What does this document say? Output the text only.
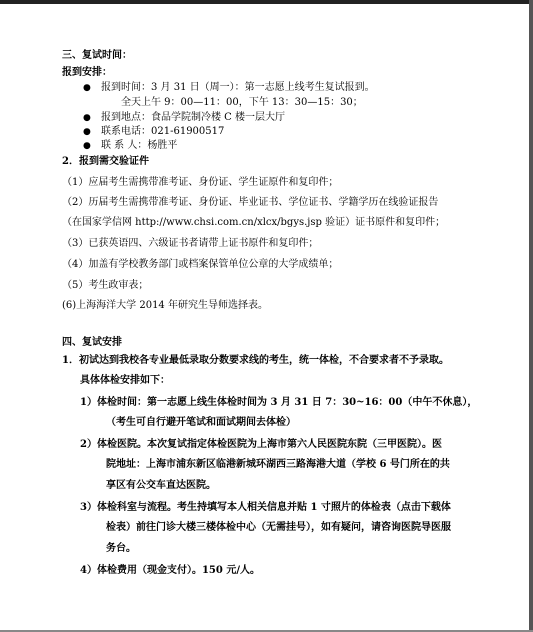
三、复试时间：
报到安排：
● 报到时间：3 月 31 日（周一）：第一志愿上线考生复试报到。
全天上午 9：00—11：00，下午 13：30—15：30；
● 报到地点：食品学院制冷楼 C 楼一层大厅
● 联系电话：021-61900517
● 联 系 人：杨胜平
2．报到需交验证件
（1）应届考生需携带准考证、身份证、学生证原件和复印件；
（2）历届考生需携带准考证、身份证、毕业证书、学位证书、学籍学历在线验证报告
（在国家学信网 http://www.chsi.com.cn/xlcx/bgys.jsp 验证）证书原件和复印件；
（3）已获英语四、六级证书者请带上证书原件和复印件；
（4）加盖有学校教务部门或档案保管单位公章的大学成绩单；
（5）考生政审表；
(6)上海海洋大学 2014 年研究生导师选择表。
四、复试安排
1．初试达到我校各专业最低录取分数要求线的考生，统一体检，不合要求者不予录取。
具体体检安排如下：
1）体检时间：第一志愿上线生体检时间为 3 月 31 日 7：30~16：00（中午不休息），
（考生可自行避开笔试和面试期间去体检）
2）体检医院。本次复试指定体检医院为上海市第六人民医院东院（三甲医院）。医
院地址：上海市浦东新区临港新城环湖西三路海港大道（学校 6 号门所在的共
享区有公交车直达医院。
3）体检科室与流程。考生持填写本人相关信息并贴 1 寸照片的体检表（点击下载体
检表）前往门诊大楼三楼体检中心（无需挂号），如有疑问，请咨询医院导医服
务台。
4）体检费用（现金支付）。150 元/人。
